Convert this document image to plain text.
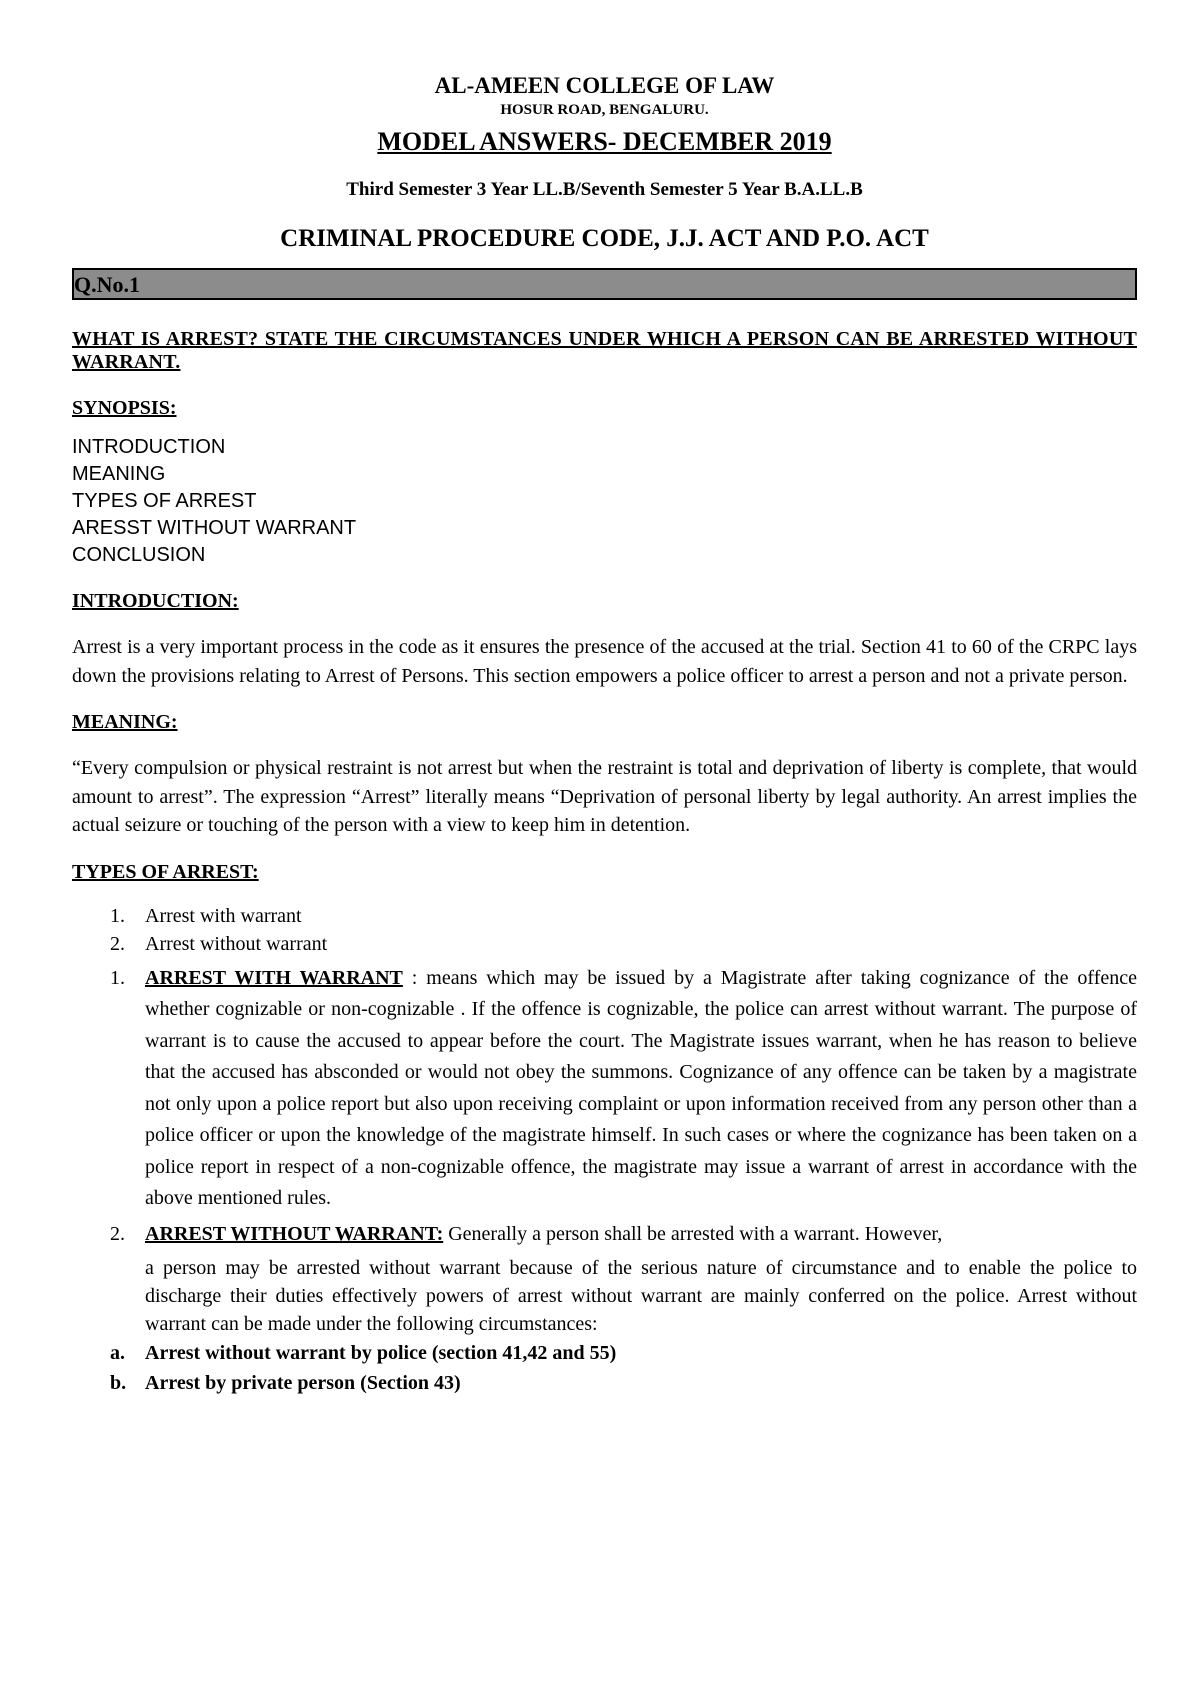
AL-AMEEN COLLEGE OF LAW

HOSUR ROAD, BENGALURU.

MODEL ANSWERS- DECEMBER 2019

Third Semester 3 Year LL.B/Seventh Semester 5 Year B.A.LL.B

CRIMINAL PROCEDURE CODE, J.J. ACT AND P.O. ACT

Q.No.1
WHAT IS ARREST? STATE THE CIRCUMSTANCES UNDER WHICH A PERSON CAN BE ARRESTED WITHOUT WARRANT.

SYNOPSIS:

INTRODUCTION
MEANING
TYPES OF ARREST
ARESST WITHOUT WARRANT
CONCLUSION

INTRODUCTION:

Arrest is a very important process in the code as it ensures the presence of the accused at the trial. Section 41 to 60 of the CRPC lays down the provisions relating to Arrest of Persons. This section empowers a police officer to arrest a person and not a private person.

MEANING:

“Every compulsion or physical restraint is not arrest but when the restraint is total and deprivation of liberty is complete, that would amount to arrest”. The expression “Arrest” literally means “Deprivation of personal liberty by legal authority. An arrest implies the actual seizure or touching of the person with a view to keep him in detention.

TYPES OF ARREST:

1. Arrest with warrant
2. Arrest without warrant
1. ARREST WITH WARRANT : means which may be issued by a Magistrate after taking cognizance of the offence whether cognizable or non-cognizable . If the offence is cognizable, the police can arrest without warrant. The purpose of warrant is to cause the accused to appear before the court. The Magistrate issues warrant, when he has reason to believe that the accused has absconded or would not obey the summons. Cognizance of any offence can be taken by a magistrate not only upon a police report but also upon receiving complaint or upon information received from any person other than a police officer or upon the knowledge of the magistrate himself. In such cases or where the cognizance has been taken on a police report in respect of a non-cognizable offence, the magistrate may issue a warrant of arrest in accordance with the above mentioned rules.
2. ARREST WITHOUT WARRANT: Generally a person shall be arrested with a warrant. However,
a person may be arrested without warrant because of the serious nature of circumstance and to enable the police to discharge their duties effectively powers of arrest without warrant are mainly conferred on the police. Arrest without warrant can be made under the following circumstances:
a. Arrest without warrant by police (section 41,42 and 55)
b. Arrest by private person (Section 43)
